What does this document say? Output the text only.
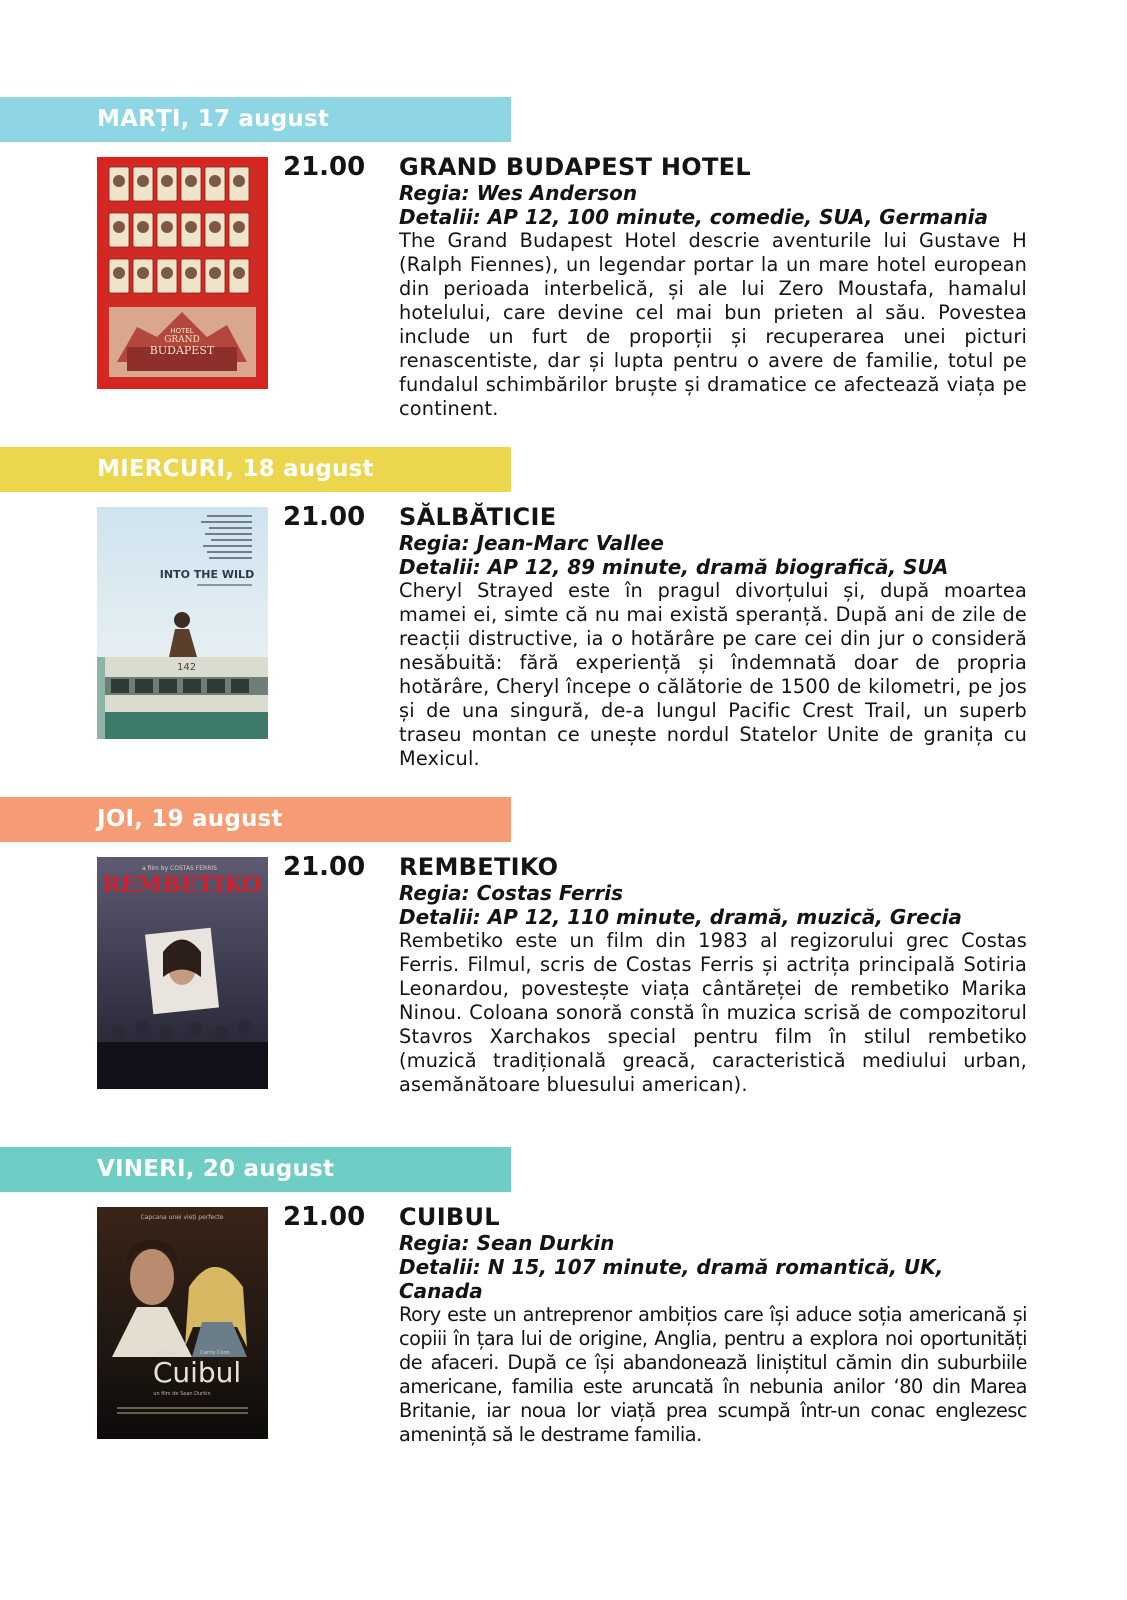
MARȚI, 17 august
HOTEL
GRAND
BUDAPEST
21.00 GRAND BUDAPEST HOTEL
Regia: Wes Anderson
Detalii: AP 12, 100 minute, comedie, SUA, Germania
The Grand Budapest Hotel descrie aventurile lui Gustave H (Ralph Fiennes), un legendar portar la un mare hotel european din perioada interbelică, și ale lui Zero Moustafa, hamalul hotelului, care devine cel mai bun prieten al său. Povestea include un furt de proporții și recuperarea unei picturi renascentiste, dar și lupta pentru o avere de familie, totul pe fundalul schimbărilor bruște și dramatice ce afectează viața pe continent.
MIERCURI, 18 august
INTO THE WILD
142
21.00 SĂLBĂTICIE
Regia: Jean-Marc Vallee
Detalii: AP 12, 89 minute, dramă biografică, SUA
Cheryl Strayed este în pragul divorțului și, după moartea mamei ei, simte că nu mai există speranță. După ani de zile de reacții distructive, ia o hotărâre pe care cei din jur o consideră nesăbuită: fără experiență și îndemnată doar de propria hotărâre, Cheryl începe o călătorie de 1500 de kilometri, pe jos și de una singură, de-a lungul Pacific Crest Trail, un superb traseu montan ce unește nordul Statelor Unite de granița cu Mexicul.
JOI, 19 august
a film by COSTAS FERRIS
REMBETIKO
21.00 REMBETIKO
Regia: Costas Ferris
Detalii: AP 12, 110 minute, dramă, muzică, Grecia
Rembetiko este un film din 1983 al regizorului grec Costas Ferris. Filmul, scris de Costas Ferris și actrița principală Sotiria Leonardou, povestește viața cântăreței de rembetiko Marika Ninou. Coloana sonoră constă în muzica scrisă de compozitorul Stavros Xarchakos special pentru film în stilul rembetiko (muzică tradițională greacă, caracteristică mediului urban, asemănătoare bluesului american).
VINERI, 20 august
Capcana unei vieți perfecte
Cuibul
Jude Law	Carrie Coon
un film de Sean Durkin
21.00 CUIBUL
Regia: Sean Durkin
Detalii: N 15, 107 minute, dramă romantică, UK, Canada
Rory este un antreprenor ambițios care își aduce soția americană și copiii în țara lui de origine, Anglia, pentru a explora noi oportunități de afaceri. După ce își abandonează liniștitul cămin din suburbiile americane, familia este aruncată în nebunia anilor ‘80 din Marea Britanie, iar noua lor viață prea scumpă într-un conac englezesc amenință să le destrame familia.
